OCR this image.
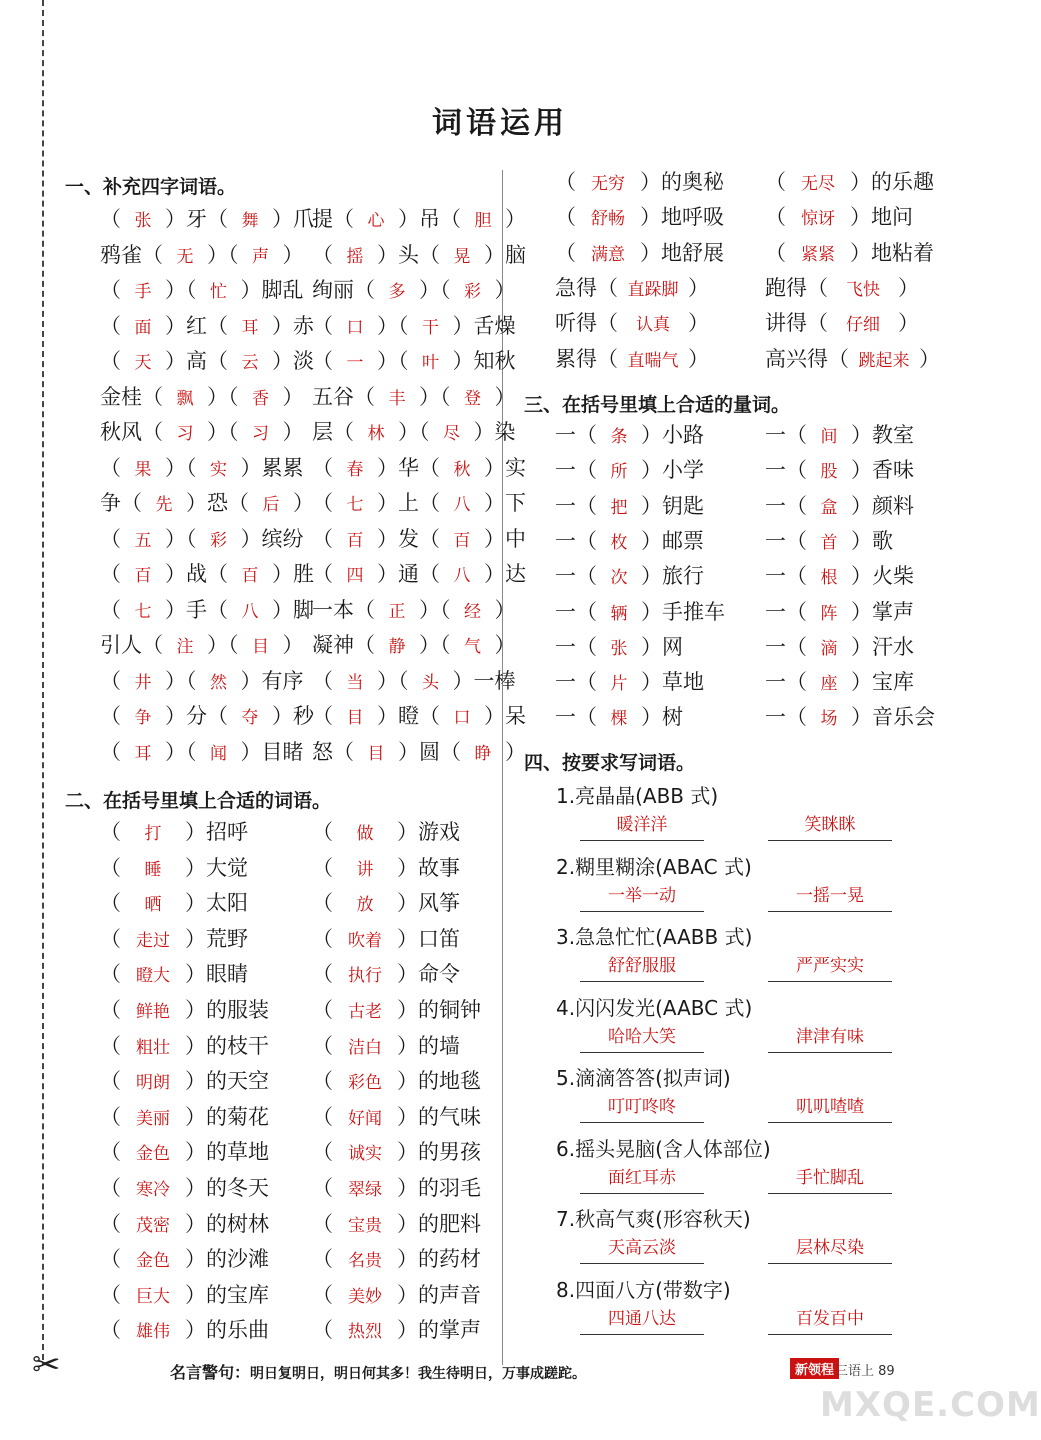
✂
词语运用
一、补充四字词语。
（ 张 ）牙（ 舞 ）爪
鸦雀（ 无 ）（ 声 ）
（ 手 ）（ 忙 ）脚乱
（ 面 ）红（ 耳 ）赤
（ 天 ）高（ 云 ）淡
金桂（ 飘 ）（ 香 ）
秋风（ 习 ）（ 习 ）
（ 果 ）（ 实 ）累累
争（ 先 ）恐（ 后 ）
（ 五 ）（ 彩 ）缤纷
（ 百 ）战（ 百 ）胜
（ 七 ）手（ 八 ）脚
引人（ 注 ）（ 目 ）
（ 井 ）（ 然 ）有序
（ 争 ）分（ 夺 ）秒
（ 耳 ）（ 闻 ）目睹
提（ 心 ）吊（ 胆 ）
（ 摇 ）头（ 晃 ）脑
绚丽（ 多 ）（ 彩 ）
（ 口 ）（ 干 ）舌燥
（ 一 ）（ 叶 ）知秋
五谷（ 丰 ）（ 登 ）
层（ 林 ）（ 尽 ）染
（ 春 ）华（ 秋 ）实
（ 七 ）上（ 八 ）下
（ 百 ）发（ 百 ）中
（ 四 ）通（ 八 ）达
一本（ 正 ）（ 经 ）
凝神（ 静 ）（ 气 ）
（ 当 ）（ 头 ）一棒
（ 目 ）瞪（ 口 ）呆
怒（ 目 ）圆（ 睁 ）
二、在括号里填上合适的词语。
（ 打 ）招呼
（ 睡 ）大觉
（ 晒 ）太阳
（ 走过 ）荒野
（ 瞪大 ）眼睛
（ 鲜艳 ）的服装
（ 粗壮 ）的枝干
（ 明朗 ）的天空
（ 美丽 ）的菊花
（ 金色 ）的草地
（ 寒冷 ）的冬天
（ 茂密 ）的树林
（ 金色 ）的沙滩
（ 巨大 ）的宝库
（ 雄伟 ）的乐曲
（ 做 ）游戏
（ 讲 ）故事
（ 放 ）风筝
（ 吹着 ）口笛
（ 执行 ）命令
（ 古老 ）的铜钟
（ 洁白 ）的墙
（ 彩色 ）的地毯
（ 好闻 ）的气味
（ 诚实 ）的男孩
（ 翠绿 ）的羽毛
（ 宝贵 ）的肥料
（ 名贵 ）的药材
（ 美妙 ）的声音
（ 热烈 ）的掌声
（ 无穷 ）的奥秘
（ 舒畅 ）地呼吸
（ 满意 ）地舒展
（ 无尽 ）的乐趣
（ 惊讶 ）地问
（ 紧紧 ）地粘着
急得（ 直跺脚 ）
听得（ 认真 ）
累得（ 直喘气 ）
跑得（ 飞快 ）
讲得（ 仔细 ）
高兴得（ 跳起来 ）
三、在括号里填上合适的量词。
一（ 条 ）小路
一（ 所 ）小学
一（ 把 ）钥匙
一（ 枚 ）邮票
一（ 次 ）旅行
一（ 辆 ）手推车
一（ 张 ）网
一（ 片 ）草地
一（ 棵 ）树
一（ 间 ）教室
一（ 股 ）香味
一（ 盒 ）颜料
一（ 首 ）歌
一（ 根 ）火柴
一（ 阵 ）掌声
一（ 滴 ）汗水
一（ 座 ）宝库
一（ 场 ）音乐会
四、按要求写词语。
1.亮晶晶(ABB 式)
暖洋洋	笑眯眯
2.糊里糊涂(ABAC 式)
一举一动	一摇一晃
3.急急忙忙(AABB 式)
舒舒服服	严严实实
4.闪闪发光(AABC 式)
哈哈大笑	津津有味
5.滴滴答答(拟声词)
叮叮咚咚	叽叽喳喳
6.摇头晃脑(含人体部位)
面红耳赤	手忙脚乱
7.秋高气爽(形容秋天)
天高云淡	层林尽染
8.四面八方(带数字)
四通八达	百发百中
名言警句：明日复明日，明日何其多！我生待明日，万事成蹉跎。	新领程 三语上 89
MXQE.COM
